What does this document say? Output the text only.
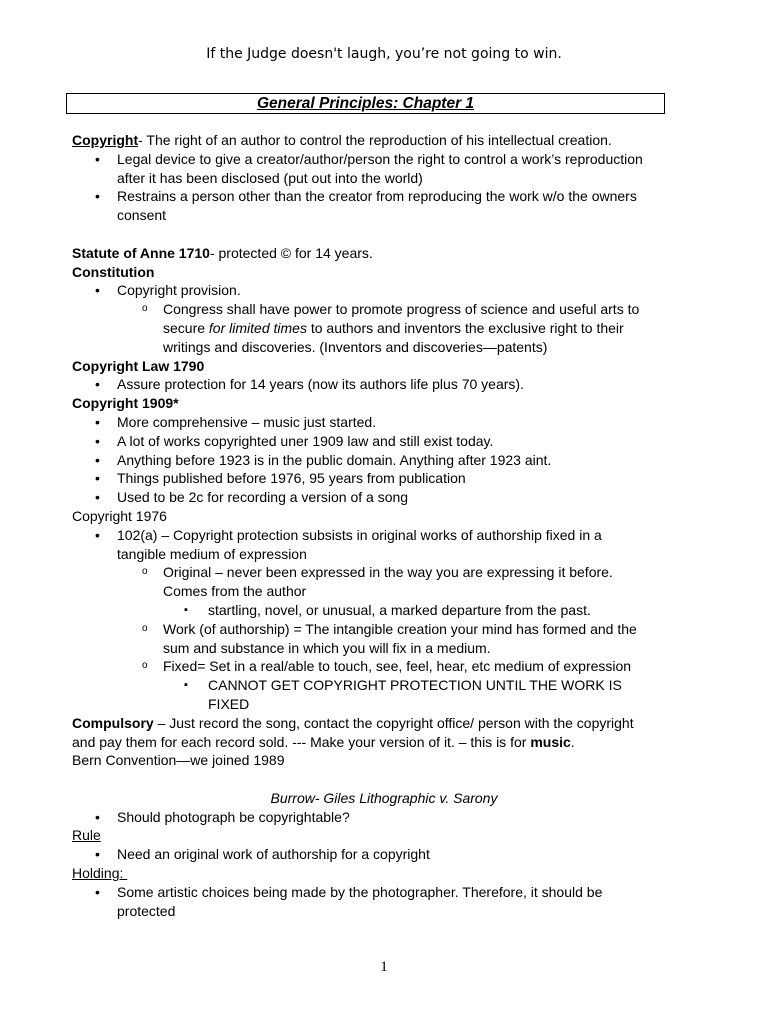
If the Judge doesn't laugh, you’re not going to win.
General Principles: Chapter 1
Copyright- The right of an author to control the reproduction of his intellectual creation.
• Legal device to give a creator/author/person the right to control a work’s reproduction
after it has been disclosed (put out into the world)
• Restrains a person other than the creator from reproducing the work w/o the owners
consent
Statute of Anne 1710- protected © for 14 years.
Constitution
• Copyright provision.
o Congress shall have power to promote progress of science and useful arts to
secure for limited times to authors and inventors the exclusive right to their
writings and discoveries. (Inventors and discoveries—patents)
Copyright Law 1790
• Assure protection for 14 years (now its authors life plus 70 years).
Copyright 1909*
• More comprehensive – music just started.
• A lot of works copyrighted uner 1909 law and still exist today.
• Anything before 1923 is in the public domain. Anything after 1923 aint.
• Things published before 1976, 95 years from publication
• Used to be 2c for recording a version of a song
Copyright 1976
• 102(a) – Copyright protection subsists in original works of authorship fixed in a
tangible medium of expression
o Original – never been expressed in the way you are expressing it before.
Comes from the author
▪ startling, novel, or unusual, a marked departure from the past.
o Work (of authorship) = The intangible creation your mind has formed and the
sum and substance in which you will fix in a medium.
o Fixed= Set in a real/able to touch, see, feel, hear, etc medium of expression
▪ CANNOT GET COPYRIGHT PROTECTION UNTIL THE WORK IS
FIXED
Compulsory – Just record the song, contact the copyright office/ person with the copyright
and pay them for each record sold. --- Make your version of it. – this is for music.
Bern Convention—we joined 1989
Burrow- Giles Lithographic v. Sarony
• Should photograph be copyrightable?
Rule
• Need an original work of authorship for a copyright
Holding:
• Some artistic choices being made by the photographer. Therefore, it should be
protected
1
